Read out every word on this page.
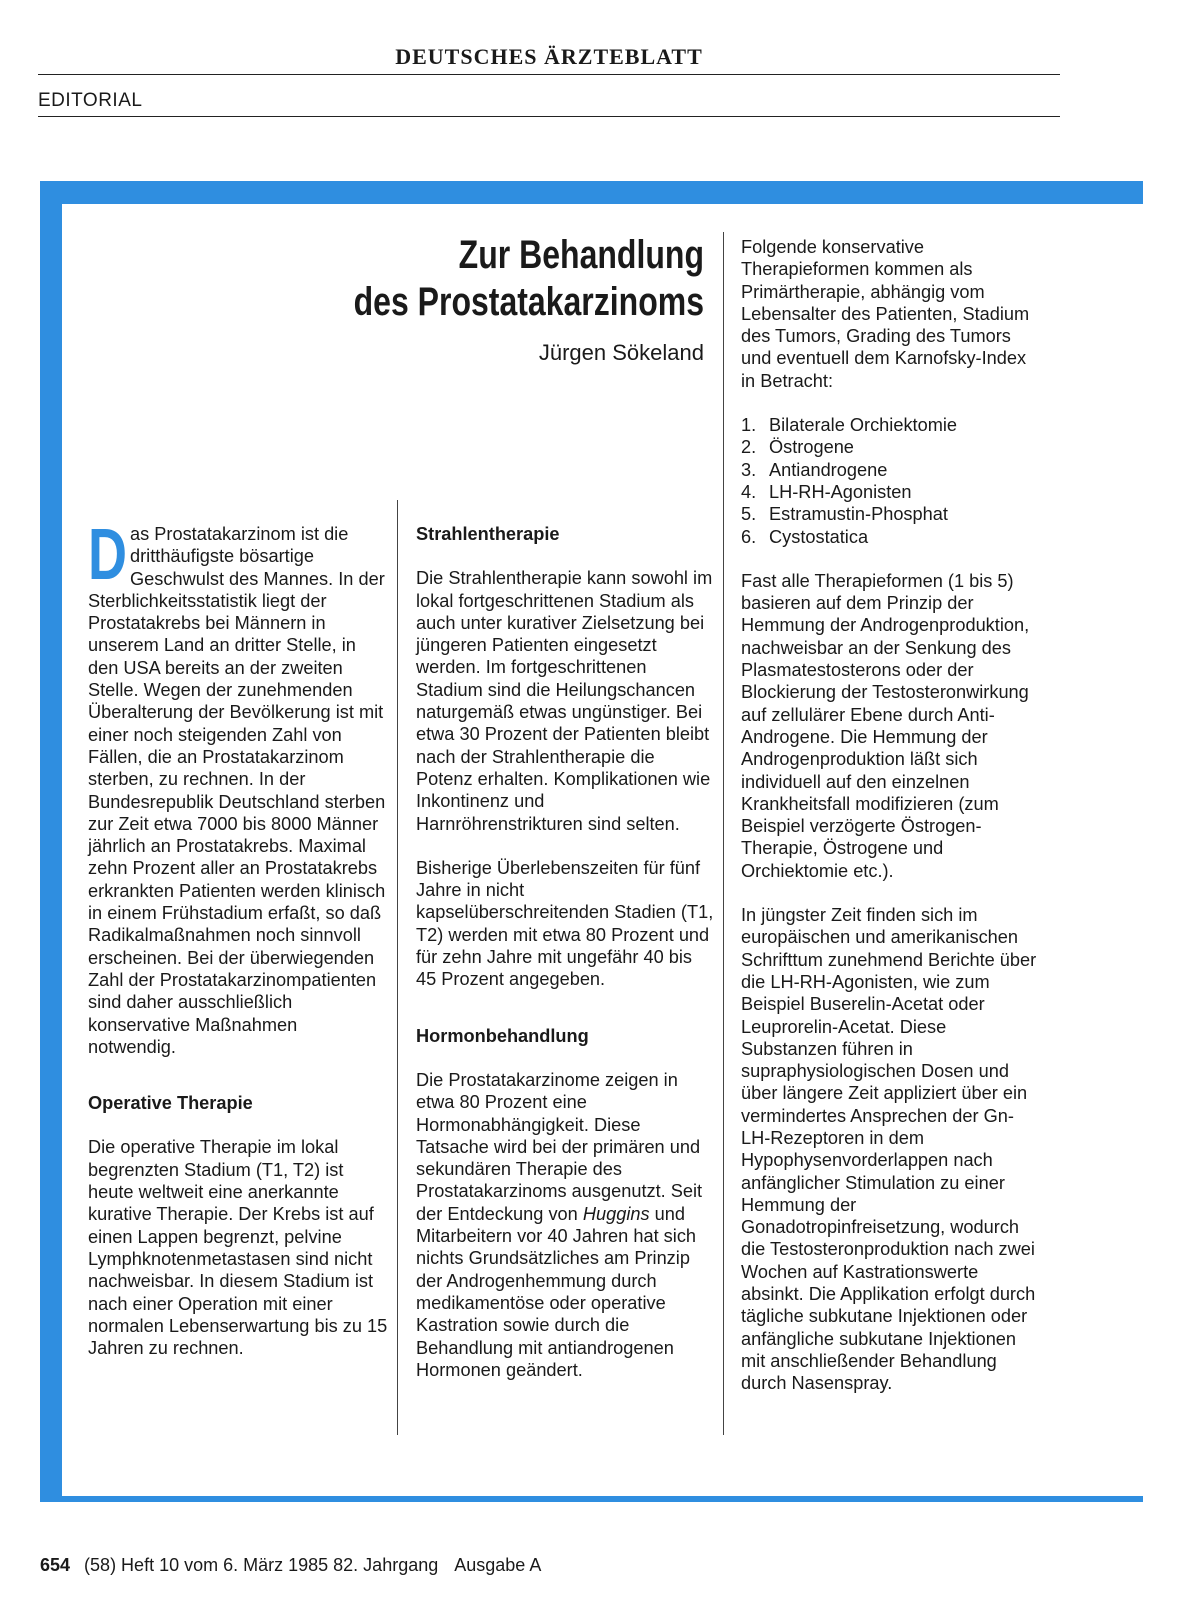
DEUTSCHES ÄRZTEBLATT
EDITORIAL
Zur Behandlung
des Prostatakarzinoms
Jürgen Sökeland

Das Prostatakarzinom ist die dritthäufigste bösartige Geschwulst des Mannes. In der Sterblichkeitsstatistik liegt der Prostatakrebs bei Männern in unserem Land an dritter Stelle, in den USA bereits an der zweiten Stelle. Wegen der zunehmenden Überalterung der Bevölkerung ist mit einer noch steigenden Zahl von Fällen, die an Prostatakarzinom sterben, zu rechnen. In der Bundesrepublik Deutschland sterben zur Zeit etwa 7000 bis 8000 Männer jährlich an Prostatakrebs. Maximal zehn Prozent aller an Prostatakrebs erkrankten Patienten werden klinisch in einem Frühstadium erfaßt, so daß Radikalmaßnahmen noch sinnvoll erscheinen. Bei der überwiegenden Zahl der Prostatakarzinompatienten sind daher ausschließlich konservative Maßnahmen notwendig.

Operative Therapie

Die operative Therapie im lokal begrenzten Stadium (T1, T2) ist heute weltweit eine anerkannte kurative Therapie. Der Krebs ist auf einen Lappen begrenzt, pelvine Lymphknotenmetastasen sind nicht nachweisbar. In diesem Stadium ist nach einer Operation mit einer normalen Lebenserwartung bis zu 15 Jahren zu rechnen.

Strahlentherapie

Die Strahlentherapie kann sowohl im lokal fortgeschrittenen Stadium als auch unter kurativer Zielsetzung bei jüngeren Patienten eingesetzt werden. Im fortgeschrittenen Stadium sind die Heilungschancen naturgemäß etwas ungünstiger. Bei etwa 30 Prozent der Patienten bleibt nach der Strahlentherapie die Potenz erhalten. Komplikationen wie Inkontinenz und Harnröhrenstrikturen sind selten.

Bisherige Überlebenszeiten für fünf Jahre in nicht kapselüberschreitenden Stadien (T1, T2) werden mit etwa 80 Prozent und für zehn Jahre mit ungefähr 40 bis 45 Prozent angegeben.

Hormonbehandlung

Die Prostatakarzinome zeigen in etwa 80 Prozent eine Hormonabhängigkeit. Diese Tatsache wird bei der primären und sekundären Therapie des Prostatakarzinoms ausgenutzt. Seit der Entdeckung von Huggins und Mitarbeitern vor 40 Jahren hat sich nichts Grundsätzliches am Prinzip der Androgenhemmung durch medikamentöse oder operative Kastration sowie durch die Behandlung mit antiandrogenen Hormonen geändert.

Folgende konservative Therapieformen kommen als Primärtherapie, abhängig vom Lebensalter des Patienten, Stadium des Tumors, Grading des Tumors und eventuell dem Karnofsky-Index in Betracht:

1. Bilaterale Orchiektomie
2. Östrogene
3. Antiandrogene
4. LH-RH-Agonisten
5. Estramustin-Phosphat
6. Cystostatica

Fast alle Therapieformen (1 bis 5) basieren auf dem Prinzip der Hemmung der Androgenproduktion, nachweisbar an der Senkung des Plasmatestosterons oder der Blockierung der Testosteronwirkung auf zellulärer Ebene durch Anti-Androgene. Die Hemmung der Androgenproduktion läßt sich individuell auf den einzelnen Krankheitsfall modifizieren (zum Beispiel verzögerte Östrogen-Therapie, Östrogene und Orchiektomie etc.).

In jüngster Zeit finden sich im europäischen und amerikanischen Schrifttum zunehmend Berichte über die LH-RH-Agonisten, wie zum Beispiel Buserelin-Acetat oder Leuprorelin-Acetat. Diese Substanzen führen in supraphysiologischen Dosen und über längere Zeit appliziert über ein vermindertes Ansprechen der Gn-LH-Rezeptoren in dem Hypophysenvorderlappen nach anfänglicher Stimulation zu einer Hemmung der Gonadotropinfreisetzung, wodurch die Testosteronproduktion nach zwei Wochen auf Kastrationswerte absinkt. Die Applikation erfolgt durch tägliche subkutane Injektionen oder anfängliche subkutane Injektionen mit anschließender Behandlung durch Nasenspray.

654 (58) Heft 10 vom 6. März 1985 82. Jahrgang Ausgabe A
